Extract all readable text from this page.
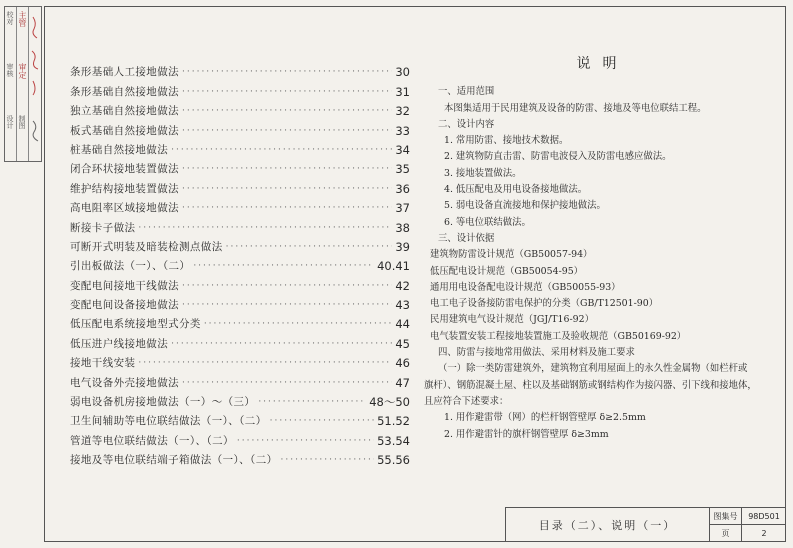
校对
审核
设计
主管
审定
制图
条形基础人工接地做法 ·····	30
条形基础自然接地做法 ·····	31
独立基础自然接地做法 ·····	32
板式基础自然接地做法 ·····	33
桩基础自然接地做法 ·····	34
闭合环状接地装置做法 ·····	35
维护结构接地装置做法 ·····	36
高电阻率区域接地做法 ·····	37
断接卡子做法 ·····	38
可断开式明装及暗装检测点做法 ·····	39
引出板做法（一）、（二） ·····	40.41
变配电间接地干线做法 ·····	42
变配电间设备接地做法 ·····	43
低压配电系统接地型式分类 ·····	44
低压进户线接地做法 ·····	45
接地干线安装 ·····	46
电气设备外壳接地做法 ·····	47
弱电设备机房接地做法（一）～（三） ·····	48～50
卫生间辅助等电位联结做法（一）、（二） ·····	51.52
管道等电位联结做法（一）、（二） ·····	53.54
接地及等电位联结端子箱做法（一）、（二） ·····	55.56
说明
一、适用范围
本图集适用于民用建筑及设备的防雷、接地及等电位联结工程。
二、设计内容
1. 常用防雷、接地技术数据。
2. 建筑物防直击雷、防雷电波侵入及防雷电感应做法。
3. 接地装置做法。
4. 低压配电及用电设备接地做法。
5. 弱电设备直流接地和保护接地做法。
6. 等电位联结做法。
三、设计依据
建筑物防雷设计规范（GB50057-94）
低压配电设计规范（GB50054-95）
通用用电设备配电设计规范（GB50055-93）
电工电子设备接防雷电保护的分类（GB/T12501-90）
民用建筑电气设计规范（JGJ/T16-92）
电气装置安装工程接地装置施工及验收规范（GB50169-92）
四、防雷与接地常用做法、采用材料及施工要求
（一）除一类防雷建筑外，建筑物宜利用屋面上的永久性金属物（如栏杆或
旗杆）、钢筋混凝土屋、柱以及基础钢筋或钢结构作为接闪器、引下线和接地体，
且应符合下述要求：
1. 用作避雷带（网）的栏杆钢管壁厚 δ≥2.5mm
2. 用作避雷针的旗杆钢管壁厚 δ≥3mm
目录（二）、说明（一）
图集号	98D501
页	2
